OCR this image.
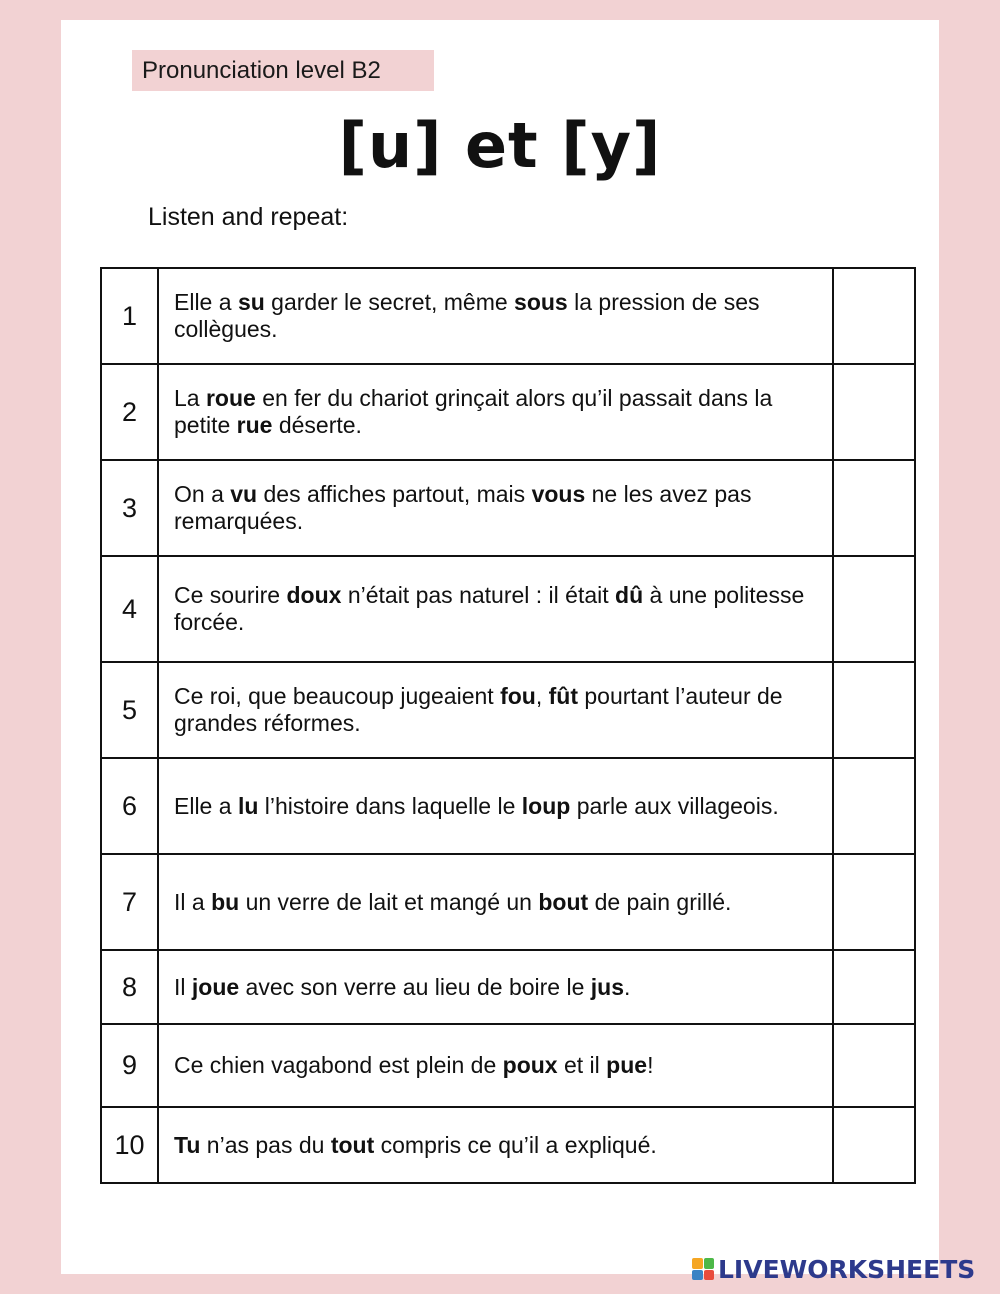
Pronunciation level B2
[u] et [y]
Listen and repeat:
1	Elle a su garder le secret, même sous la pression de ses collègues.	
2	La roue en fer du chariot grinçait alors qu’il passait dans la petite rue déserte.	
3	On a vu des affiches partout, mais vous ne les avez pas remarquées.	
4	Ce sourire doux n’était pas naturel : il était dû à une politesse forcée.	
5	Ce roi, que beaucoup jugeaient fou, fût pourtant l’auteur de grandes réformes.	
6	Elle a lu l’histoire dans laquelle le loup parle aux villageois.	
7	Il a bu un verre de lait et mangé un bout de pain grillé.	
8	Il joue avec son verre au lieu de boire le jus.	
9	Ce chien vagabond est plein de poux et il pue!	
10	Tu n’as pas du tout compris ce qu’il a expliqué.	
LIVEWORKSHEETS
